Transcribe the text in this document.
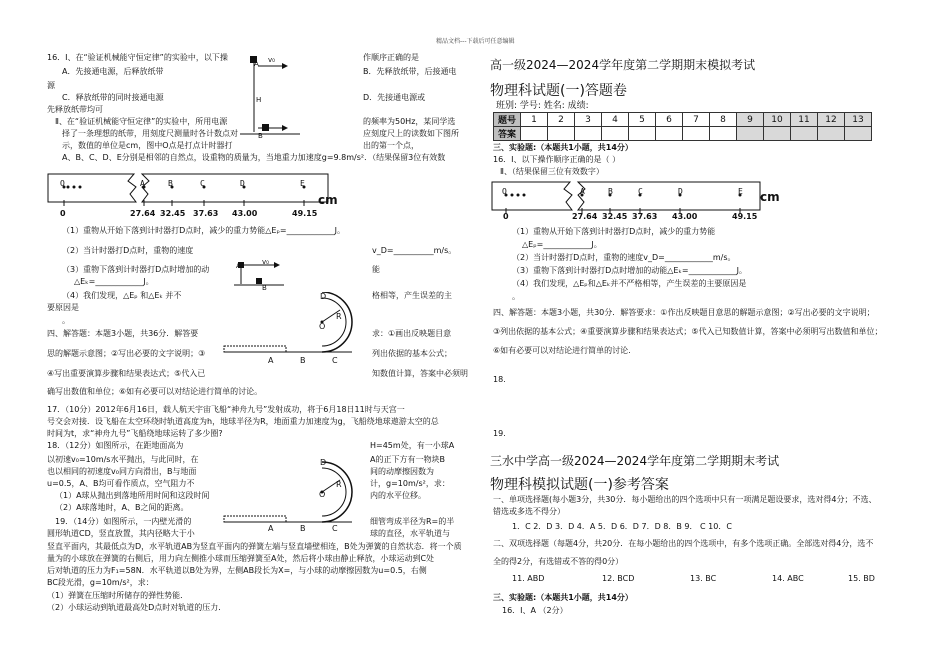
精品文档---下载后可任意编辑
16．I、在“验证机械能守恒定律”的实验中，以下操
A．先接通电源，后释放纸带
源
C．释放纸带的同时接通电源
先释放纸带均可
Ⅱ、在“验证机械能守恒定律”的实验中，所用电源
择了一条理想的纸带，用刻度尺测量时各计数点对
示，数值的单位是cm，图中O点是打点计时器打
A、B、C、D、E分别是相邻的自然点，设重物的质量为，当地重力加速度g=9.8m/s²．（结果保留3位有效数
作顺序正确的是
B．先释放纸带，后接通电
D．先接通电源或
的频率为50Hz，某同学选
应刻度尺上的读数如下图所
出的第一个点，
A v₀
H
B
O	A	B	C	D	E
0	27.64 32.45 37.63 43.00	49.15
cm
（1）重物从开始下落到计时器打D点时，减少的重力势能△Eₚ=____________J。
（2）当计时器打D点时，重物的速度	v_D=__________m/s。
（3）重物下落到计时器打D点时增加的动	能
△Eₖ=____________J。
A	v₀
B
（4）我们发现，△Eₚ 和△Eₖ 并不	格相等，产生误差的主
要原因是
。
D
O
R
A	B	C
四、解答题：本题3小题，共36分．解答要	求：①画出反映题目意
思的解题示意图；②写出必要的文字说明；③	列出依据的基本公式；
④写出重要演算步骤和结果表达式；⑤代入已	知数值计算，答案中必须明
确写出数值和单位；⑥如有必要可以对结论进行简单的讨论。
17．（10分）2012年6月16日，载人航天宇宙飞船“神舟九号”发射成功，将于6月18日11时与天宫一
号交会对接．设飞船在太空环绕时轨道高度为h，地球半径为R，地面重力加速度为g，飞船绕地球遨游太空的总
时间为t，求“神舟九号”飞船绕地球运转了多少圈?
18．（12分）如图所示，在距地面高为
以初速v₀=10m/s水平抛出，与此同时，在
也以相同的初速度v₀同方向滑出，B与地面
u=0.5，A、B均可看作质点，空气阻力不
（1）A球从抛出到落地所用时间和这段时间
（2）A球落地时，A、B之间的距离。
19．（14分）如图所示，一内壁光滑的
圆形轨道CD，竖直放置，其内径略大于小
竖直平面内，其最低点为D，水平轨道AB为竖直平面内的弹簧左端与竖直墙壁相连，B处为弹簧的自然状态．将一个质
量为的小球放在弹簧的右侧后，用力向左侧推小球而压缩弹簧至A处，然后将小球由静止释放，小球运动到C处
后对轨道的压力为F₁=58N．水平轨道以B处为界，左侧AB段长为X=，与小球的动摩擦因数为u=0.5，右侧
BC段光滑，g=10m/s²，求：
（1）弹簧在压缩时所储存的弹性势能．
（2）小球运动到轨道最高处D点时对轨道的压力．
H=45m处，有一小球A
A的正下方有一物块B
间的动摩擦因数为
计，g=10m/s²，求：
内的水平位移。
细管弯成半径为R=的半
球的直径，水平轨道与
D
O
R
A	B	C
高一级2024—2024学年度第二学期期末模拟考试
物理科试题(一)答题卷
班别: 学号: 姓名: 成绩:
题号	1	2	3	4	5	6	7	8	9	10	11	12	13
答案													
三、实验题:（本题共1小题，共14分）
16．I、以下操作顺序正确的是（ ）
Ⅱ、（结果保留三位有效数字）
O	A	B	C	D	E
0	27.64 32.45 37.63 43.00	49.15
cm
（1）重物从开始下落到计时器打D点时，减少的重力势能
△Eₚ=____________J。
（2）当计时器打D点时，重物的速度v_D=____________m/s。
（3）重物下落到计时器打D点时增加的动能△Eₖ=____________J。
（4）我们发现，△Eₚ和△Eₖ并不严格相等，产生误差的主要原因是
。
四、解答题：本题3小题，共30分．解答要求：①作出反映题目意思的解题示意图；②写出必要的文字说明；
③列出依据的基本公式；④重要演算步骤和结果表达式；⑤代入已知数值计算，答案中必须明写出数值和单位；
⑥如有必要可以对结论进行简单的讨论.
18.
19.
三水中学高一级2024—2024学年度第二学期期末考试
物理科模拟试题(一)参考答案
一、单项选择题(每小题3分，共30分．每小题给出的四个选项中只有一项满足题设要求，选对得4分；不选、
错选或多选不得分）
1．C 2．D 3．D 4．A 5．D 6．D 7．D 8．B 9． C 10．C
二、双项选择题（每题4分，共20分．在每小题给出的四个选项中，有多个选项正确。全部选对得4分，选不
全的得2分，有选错或不答的得0分）
11. ABD	12. BCD	13. BC	14. ABC	15. BD
三、实验题:（本题共1小题，共14分）
16．I、A （2分）
